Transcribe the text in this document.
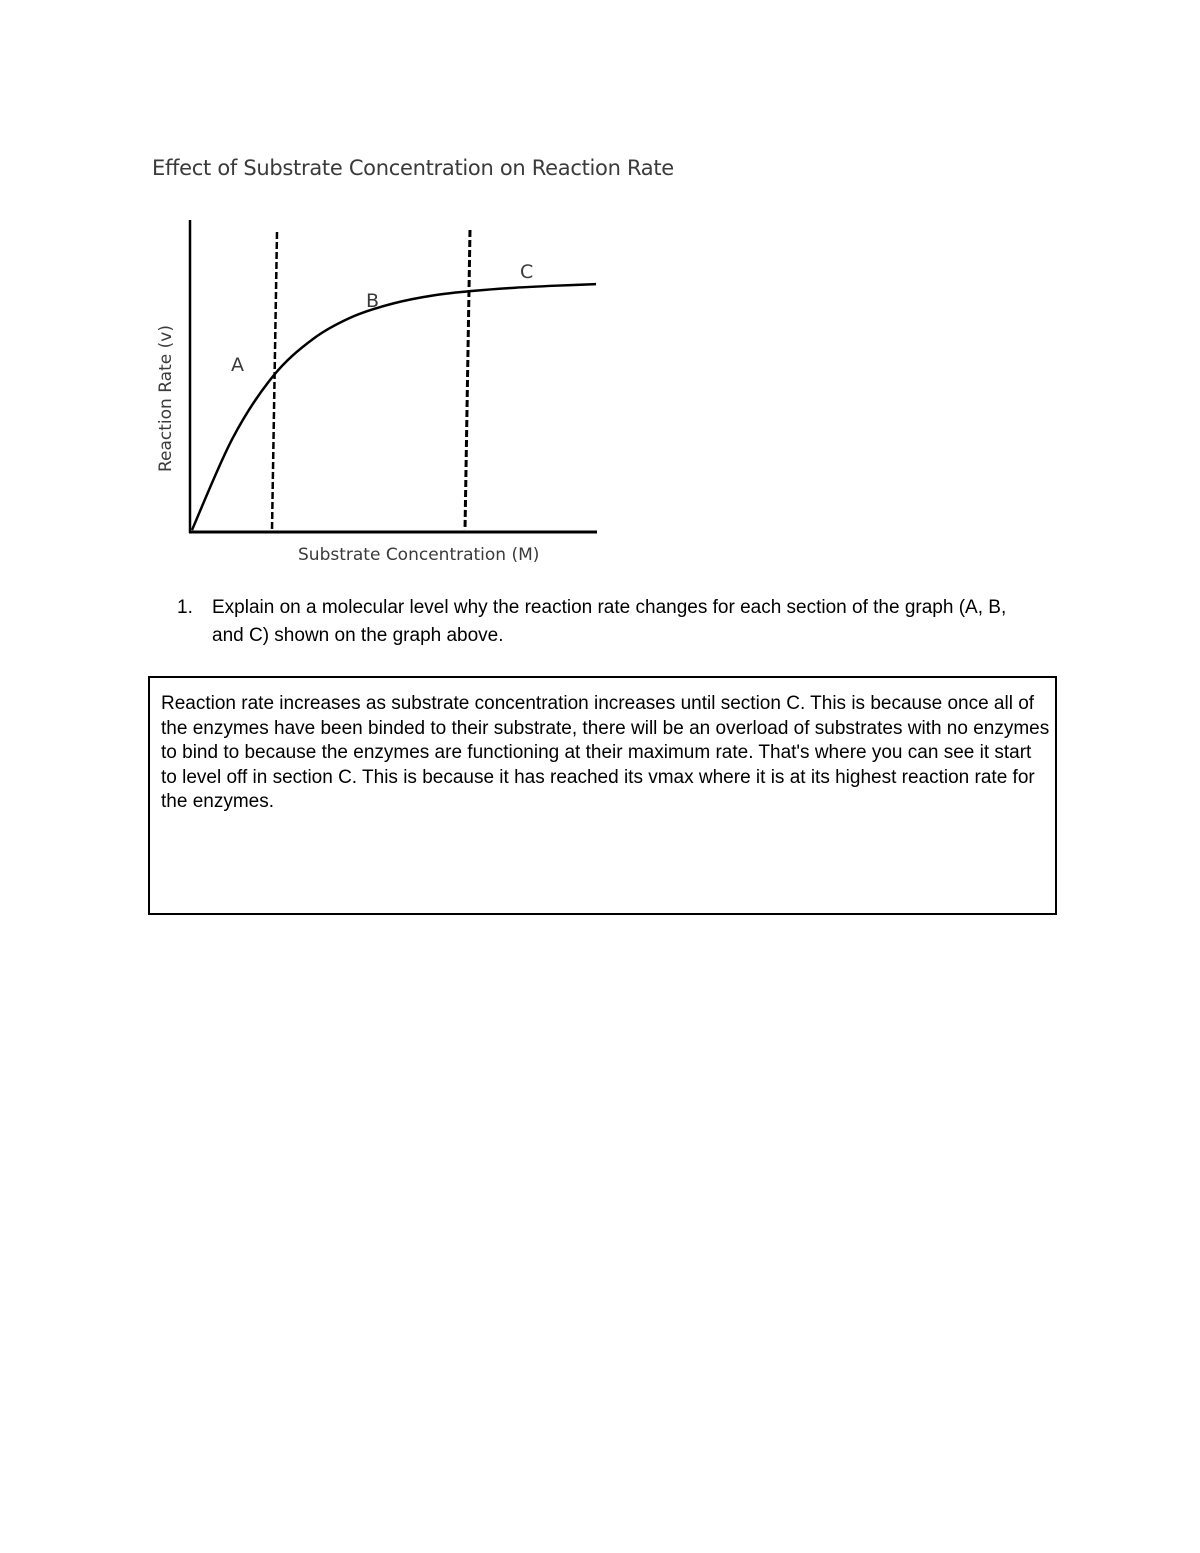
Effect of Substrate Concentration on Reaction Rate
A
B
C
Substrate Concentration (M)
Reaction Rate (v)
1. Explain on a molecular level why the reaction rate changes for each section of the graph (A, B, and C) shown on the graph above.
Reaction rate increases as substrate concentration increases until section C. This is because once all of the enzymes have been binded to their substrate, there will be an overload of substrates with no enzymes to bind to because the enzymes are functioning at their maximum rate. That's where you can see it start to level off in section C. This is because it has reached its vmax where it is at its highest reaction rate for the enzymes.
